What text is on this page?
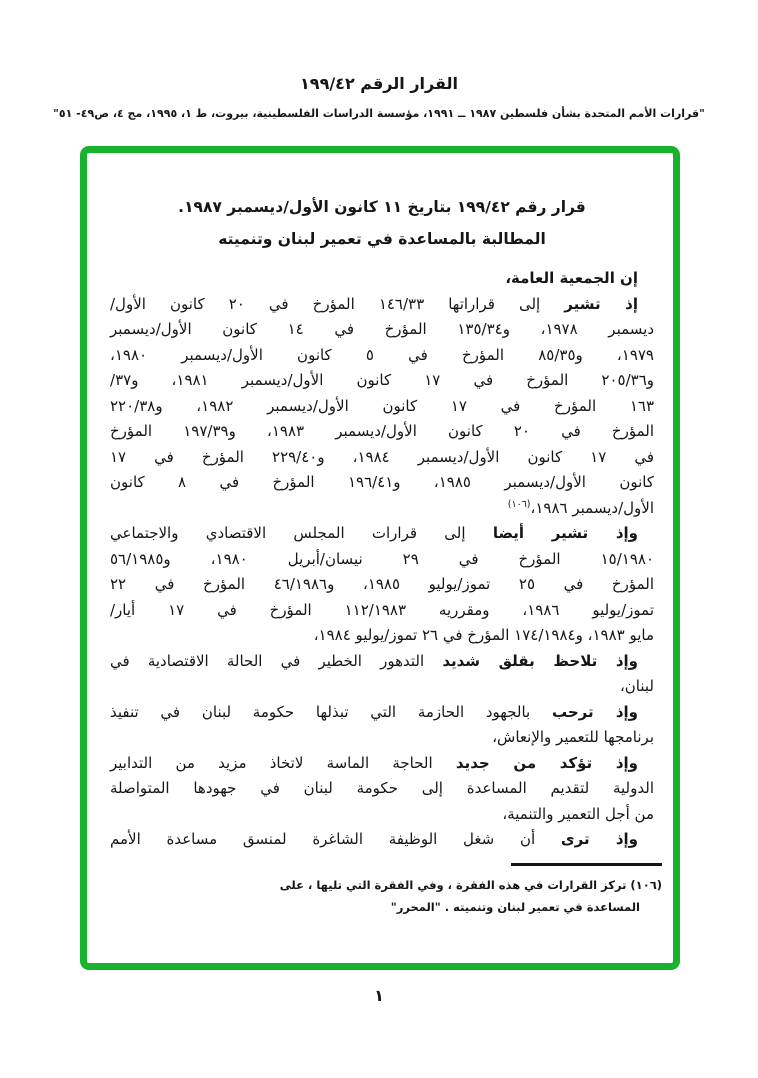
القرار الرقم ١٩٩/٤٢
"قرارات الأمم المتحدة بشأن فلسطين ١٩٨٧ ــ ١٩٩١، مؤسسة الدراسات الفلسطينية، بيروت، ط ١، ١٩٩٥، مج ٤، ص٤٩- ٥١"
قرار رقم ١٩٩/٤٢ بتاريخ ١١ كانون الأول/ديسمبر ١٩٨٧.
المطالبة بالمساعدة في تعمير لبنان وتنميته
إن الجمعية العامة،
إذ تشير إلى قراراتها ١٤٦/٣٣ المؤرخ في ٢٠ كانون الأول/
ديسمبر ١٩٧٨، و١٣٥/٣٤ المؤرخ في ١٤ كانون الأول/ديسمبر
١٩٧٩، و٨٥/٣٥ المؤرخ في ٥ كانون الأول/ديسمبر ١٩٨٠،
و٢٠٥/٣٦ المؤرخ في ١٧ كانون الأول/ديسمبر ١٩٨١، و٣٧/
١٦٣ المؤرخ في ١٧ كانون الأول/ديسمبر ١٩٨٢، و٢٢٠/٣٨
المؤرخ في ٢٠ كانون الأول/ديسمبر ١٩٨٣، و١٩٧/٣٩ المؤرخ
في ١٧ كانون الأول/ديسمبر ١٩٨٤، و٢٢٩/٤٠ المؤرخ في ١٧
كانون الأول/ديسمبر ١٩٨٥، و١٩٦/٤١ المؤرخ في ٨ كانون
الأول/ديسمبر ١٩٨٦،$^{(١٠٦)}$
وإذ تشير أيضا إلى قرارات المجلس الاقتصادي والاجتماعي
١٥/١٩٨٠ المؤرخ في ٢٩ نيسان/أبريل ١٩٨٠، و٥٦/١٩٨٥
المؤرخ في ٢٥ تموز/يوليو ١٩٨٥، و٤٦/١٩٨٦ المؤرخ في ٢٢
تموز/يوليو ١٩٨٦، ومقرريه ١١٢/١٩٨٣ المؤرخ في ١٧ أيار/
مايو ١٩٨٣، و١٧٤/١٩٨٤ المؤرخ في ٢٦ تموز/يوليو ١٩٨٤،
وإذ تلاحظ بقلق شديد التدهور الخطير في الحالة الاقتصادية في
لبنان،
وإذ ترحب بالجهود الحازمة التي تبذلها حكومة لبنان في تنفيذ
برنامجها للتعمير والإنعاش،
وإذ تؤكد من جديد الحاجة الماسة لاتخاذ مزيد من التدابير
الدولية لتقديم المساعدة إلى حكومة لبنان في جهودها المتواصلة
من أجل التعمير والتنمية،
وإذ ترى أن شغل الوظيفة الشاغرة لمنسق مساعدة الأمم
(١٠٦) تركز القرارات في هذه الفقرة ، وفي الفقرة التي تليها ، على
المساعدة في تعمير لبنان وتنميته . "المحرر"
١
